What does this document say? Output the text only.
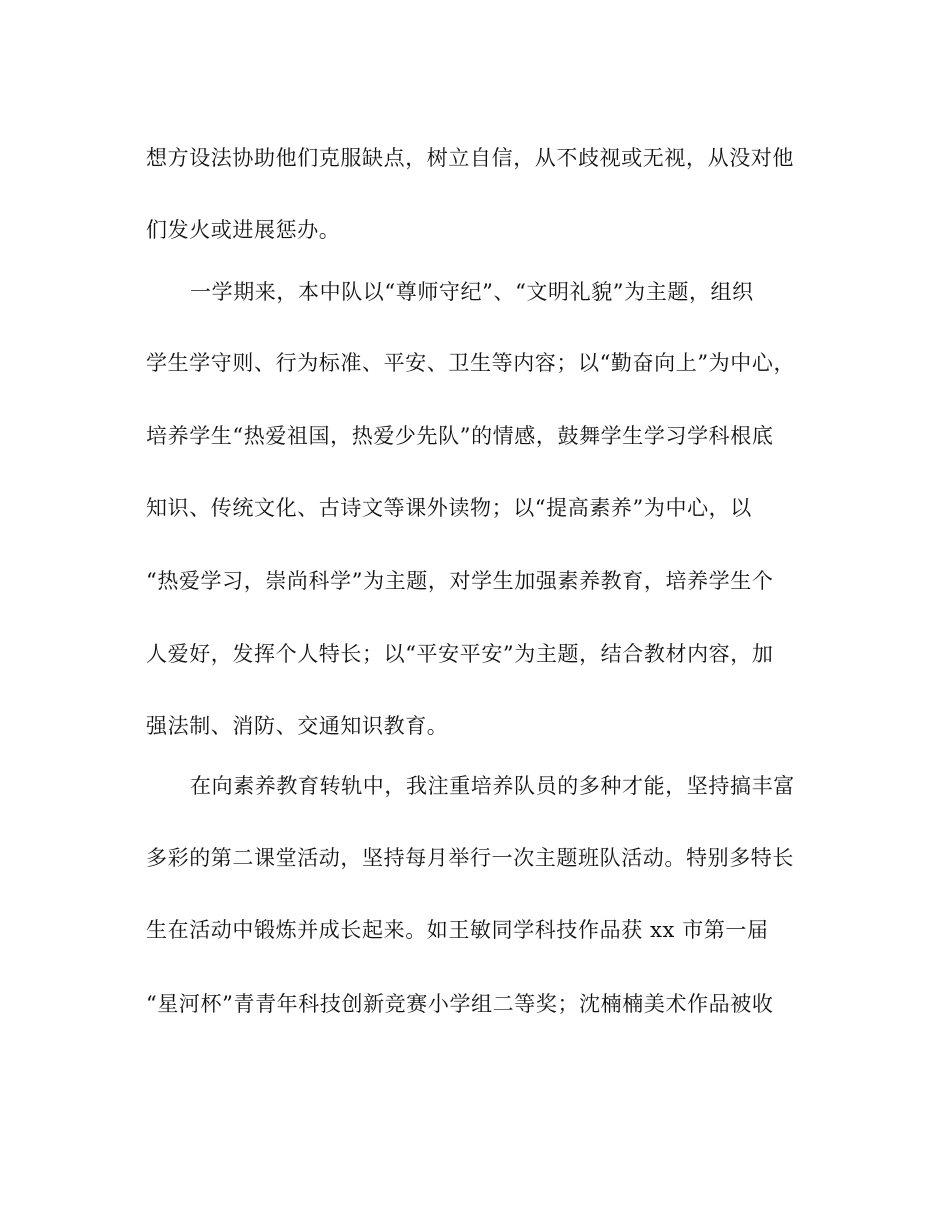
想方设法协助他们克服缺点，树立自信，从不歧视或无视，从没对他
们发火或进展惩办。
一学期来，本中队以“尊师守纪”、“文明礼貌”为主题，组织
学生学守则、行为标准、平安、卫生等内容；以“勤奋向上”为中心，
培养学生“热爱祖国，热爱少先队”的情感，鼓舞学生学习学科根底
知识、传统文化、古诗文等课外读物；以“提高素养”为中心，以
“热爱学习，崇尚科学”为主题，对学生加强素养教育，培养学生个
人爱好，发挥个人特长；以“平安平安”为主题，结合教材内容，加
强法制、消防、交通知识教育。
在向素养教育转轨中，我注重培养队员的多种才能，坚持搞丰富
多彩的第二课堂活动，坚持每月举行一次主题班队活动。特别多特长
生在活动中锻炼并成长起来。如王敏同学科技作品获 xx 市第一届
“星河杯”青青年科技创新竞赛小学组二等奖；沈楠楠美术作品被收
